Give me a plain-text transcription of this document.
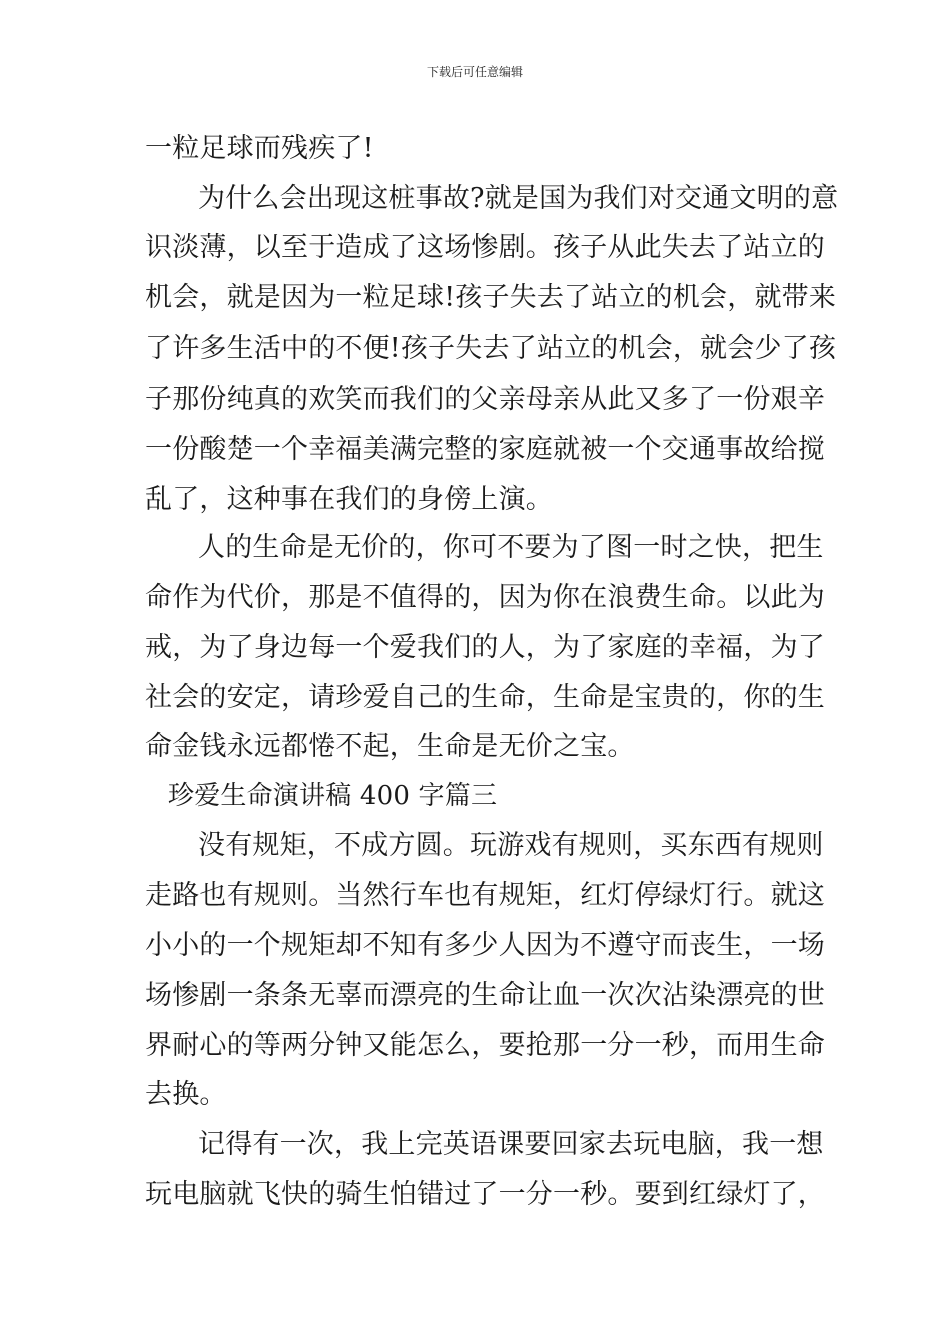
下载后可任意编辑
一粒足球而残疾了!
为什么会出现这桩事故?就是国为我们对交通文明的意
识淡薄，以至于造成了这场惨剧。孩子从此失去了站立的
机会，就是因为一粒足球!孩子失去了站立的机会，就带来
了许多生活中的不便!孩子失去了站立的机会，就会少了孩
子那份纯真的欢笑而我们的父亲母亲从此又多了一份艰辛
一份酸楚一个幸福美满完整的家庭就被一个交通事故给搅
乱了，这种事在我们的身傍上演。
人的生命是无价的，你可不要为了图一时之快，把生
命作为代价，那是不值得的，因为你在浪费生命。以此为
戒，为了身边每一个爱我们的人，为了家庭的幸福，为了
社会的安定，请珍爱自己的生命，生命是宝贵的，你的生
命金钱永远都惓不起，生命是无价之宝。
珍爱生命演讲稿 400 字篇三
没有规矩，不成方圆。玩游戏有规则，买东西有规则
走路也有规则。当然行车也有规矩，红灯停绿灯行。就这
小小的一个规矩却不知有多少人因为不遵守而丧生，一场
场惨剧一条条无辜而漂亮的生命让血一次次沾染漂亮的世
界耐心的等两分钟又能怎么，要抢那一分一秒，而用生命
去换。
记得有一次，我上完英语课要回家去玩电脑，我一想
玩电脑就飞快的骑生怕错过了一分一秒。要到红绿灯了，
